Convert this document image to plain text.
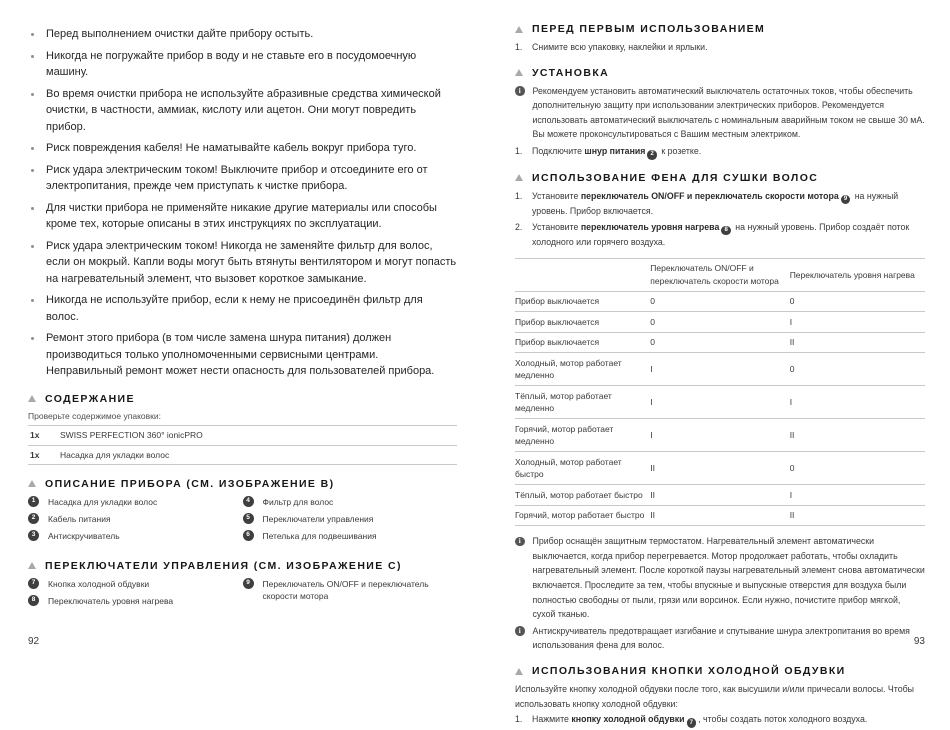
Перед выполнением очистки дайте прибору остыть.
Никогда не погружайте прибор в воду и не ставьте его в посудомоечную машину.
Во время очистки прибора не используйте абразивные средства химической очистки, в частности, аммиак, кислоту или ацетон. Они могут повредить прибор.
Риск повреждения кабеля! Не наматывайте кабель вокруг прибора туго.
Риск удара электрическим током! Выключите прибор и отсоедините его от электропитания, прежде чем приступать к чистке прибора.
Для чистки прибора не применяйте никакие другие материалы или способы кроме тех, которые описаны в этих инструкциях по эксплуатации.
Риск удара электрическим током! Никогда не заменяйте фильтр для волос, если он мокрый. Капли воды могут быть втянуты вентилятором и могут попасть на нагревательный элемент, что вызовет короткое замыкание.
Никогда не используйте прибор, если к нему не присоединён фильтр для волос.
Ремонт этого прибора (в том числе замена шнура питания) должен производиться только уполномоченными сервисными центрами. Неправильный ремонт может нести опасность для пользователей прибора.
СОДЕРЖАНИЕ
Проверьте содержимое упаковки:
1x	SWISS PERFECTION 360° ionicPRO
1x	Насадка для укладки волос
ОПИСАНИЕ ПРИБОРА (СМ. ИЗОБРАЖЕНИЕ B)
1	Насадка для укладки волос
2	Кабель питания
3	Антискручиватель
4	Фильтр для волос
5	Переключатели управления
6	Петелька для подвешивания
ПЕРЕКЛЮЧАТЕЛИ УПРАВЛЕНИЯ (СМ. ИЗОБРАЖЕНИЕ C)
7	Кнопка холодной обдувки
8	Переключатель уровня нагрева
9	Переключатель ON/OFF и переключатель скорости мотора
ПЕРЕД ПЕРВЫМ ИСПОЛЬЗОВАНИЕМ
1.	Снимите всю упаковку, наклейки и ярлыки.
УСТАНОВКА
i	Рекомендуем установить автоматический выключатель остаточных токов, чтобы обеспечить дополнительную защиту при использовании электрических приборов. Рекомендуется использовать автоматический выключатель с номинальным аварийным током не свыше 30 мА. Вы можете проконсультироваться с Вашим местным электриком.
1.	Подключите шнур питания 2 к розетке.
ИСПОЛЬЗОВАНИЕ ФЕНА ДЛЯ СУШКИ ВОЛОС
1.	Установите переключатель ON/OFF и переключатель скорости мотора 9 на нужный уровень. Прибор включается.
2.	Установите переключатель уровня нагрева 8 на нужный уровень. Прибор создаёт поток холодного или горячего воздуха.
	Переключатель ON/OFF и переключатель скорости мотора	Переключатель уровня нагрева
Прибор выключается	0	0
Прибор выключается	0	I
Прибор выключается	0	II
Холодный, мотор работает медленно	I	0
Тёплый, мотор работает медленно	I	I
Горячий, мотор работает медленно	I	II
Холодный, мотор работает быстро	II	0
Тёплый, мотор работает быстро	II	I
Горячий, мотор работает быстро	II	II
i	Прибор оснащён защитным термостатом. Нагревательный элемент автоматически выключается, когда прибор перегревается. Мотор продолжает работать, чтобы охладить нагревательный элемент. После короткой паузы нагревательный элемент снова автоматически включается. Проследите за тем, чтобы впускные и выпускные отверстия для воздуха были полностью свободны от пыли, грязи или ворсинок. Если нужно, почистите прибор мягкой, сухой тканью.
i	Антискручиватель предотвращает изгибание и спутывание шнура электропитания во время использования фена для волос.
ИСПОЛЬЗОВАНИЯ КНОПКИ ХОЛОДНОЙ ОБДУВКИ
Используйте кнопку холодной обдувки после того, как высушили и/или причесали волосы. Чтобы использовать кнопку холодной обдувки:
1.	Нажмите кнопку холодной обдувки 7 , чтобы создать поток холодного воздуха.
92	93
